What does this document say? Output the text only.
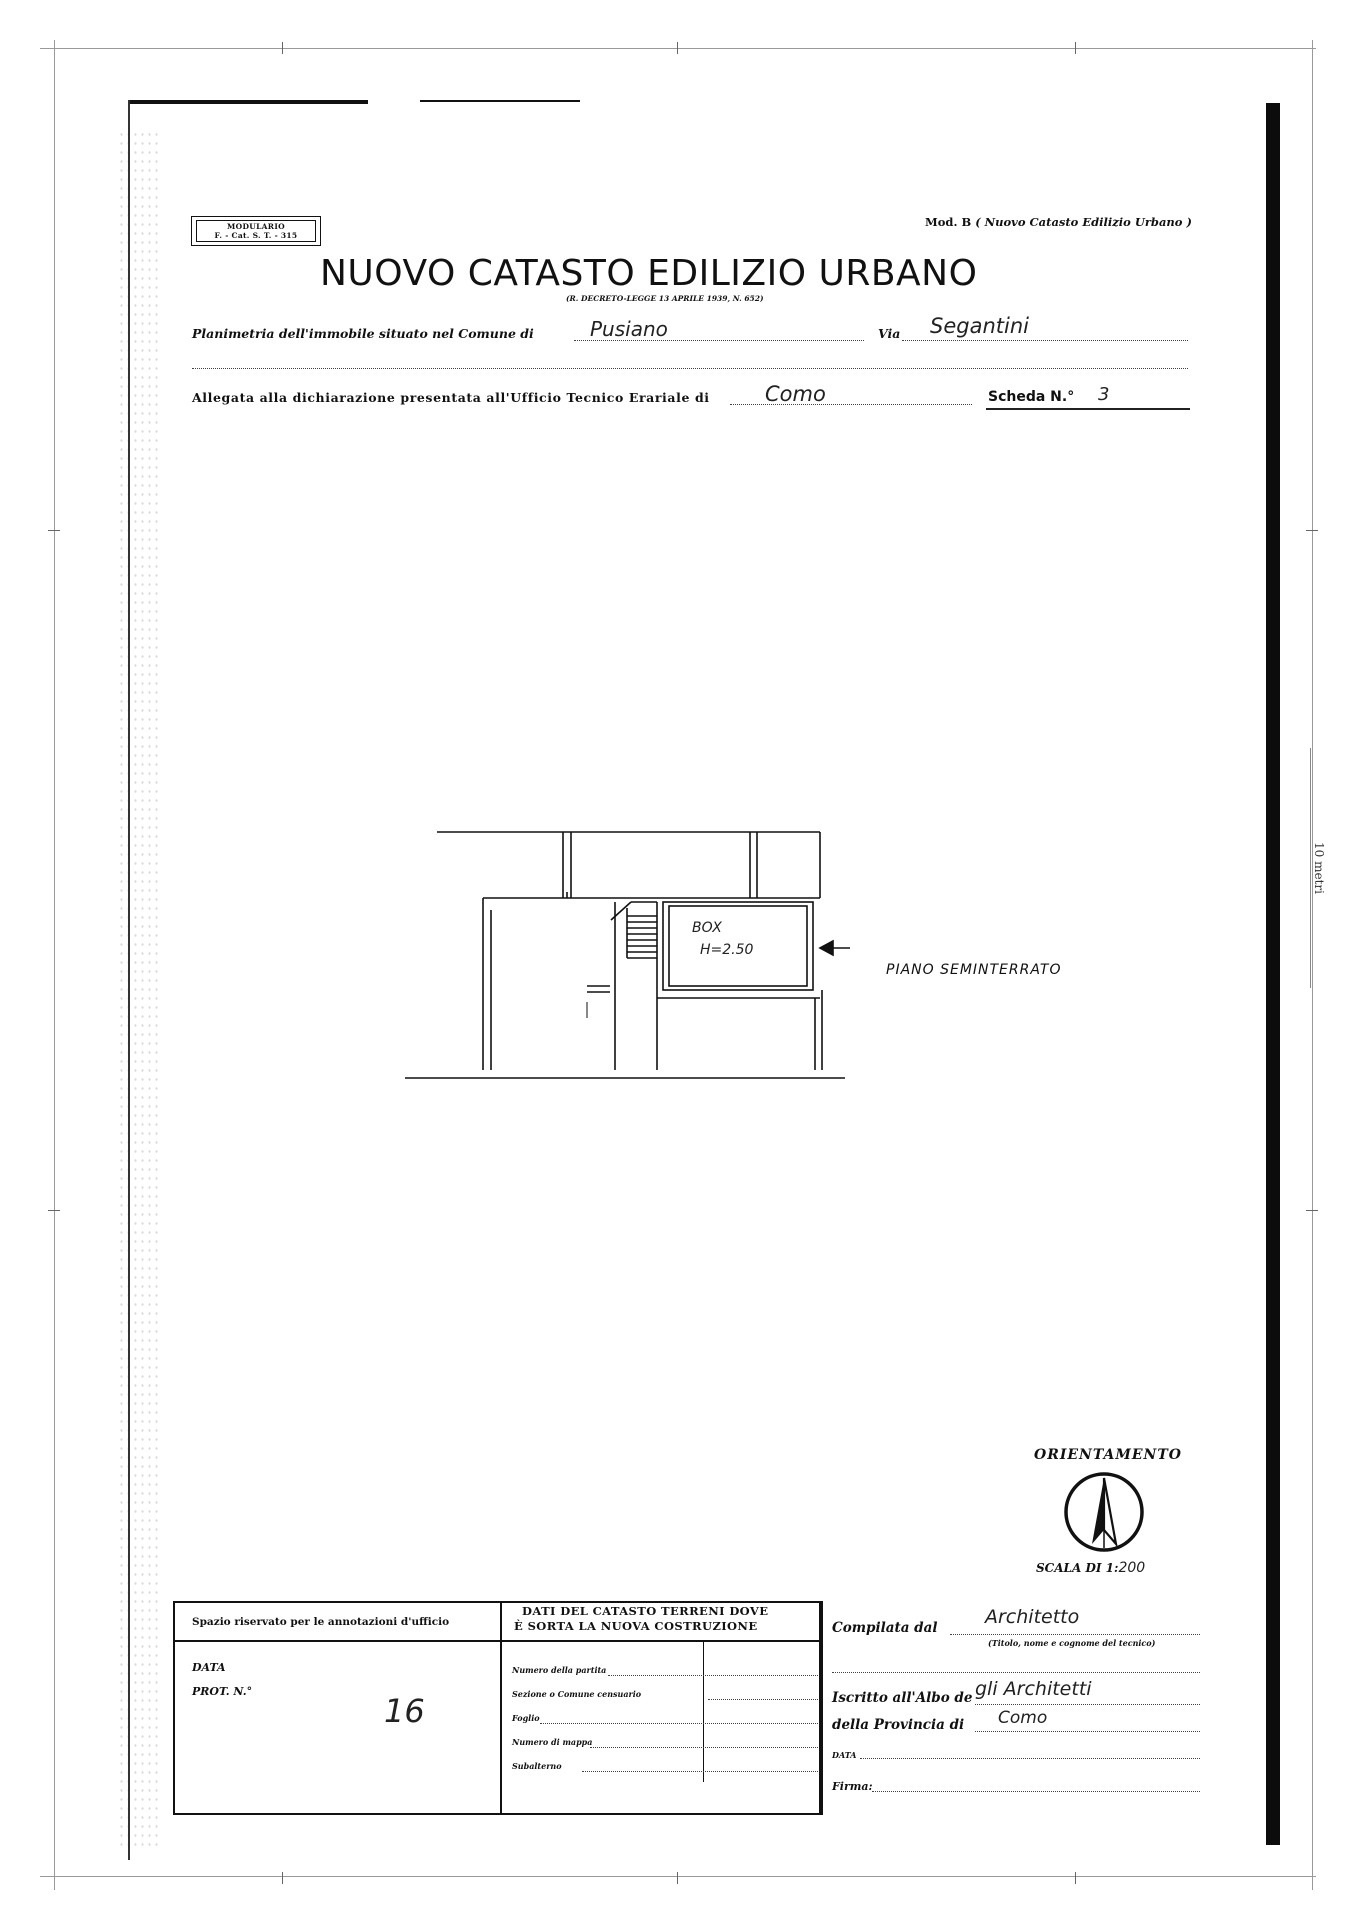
MODULARIO
F. - Cat. S. T. - 315
Mod. B ( Nuovo Catasto Edilizio Urbano )
NUOVO CATASTO EDILIZIO URBANO
(R. DECRETO-LEGGE 13 APRILE 1939, N. 652)
Planimetria dell'immobile situato nel Comune di	Pusiano	Via Segantini
Allegata alla dichiarazione presentata all'Ufficio Tecnico Erariale di	Como	Scheda N.° 3
BOX
H=2.50
PIANO SEMINTERRATO
10 metri
ORIENTAMENTO
SCALA DI 1:200
Spazio riservato per le annotazioni d'ufficio
DATA
PROT. N.°
16
DATI DEL CATASTO TERRENI DOVE
È SORTA LA NUOVA COSTRUZIONE
Numero della partita
Sezione o Comune censuario
Foglio
Numero di mappa
Subalterno
Compilata dal	Architetto
(Titolo, nome e cognome del tecnico)
Iscritto all'Albo de gli Architetti
della Provincia di Como
DATA
Firma:
